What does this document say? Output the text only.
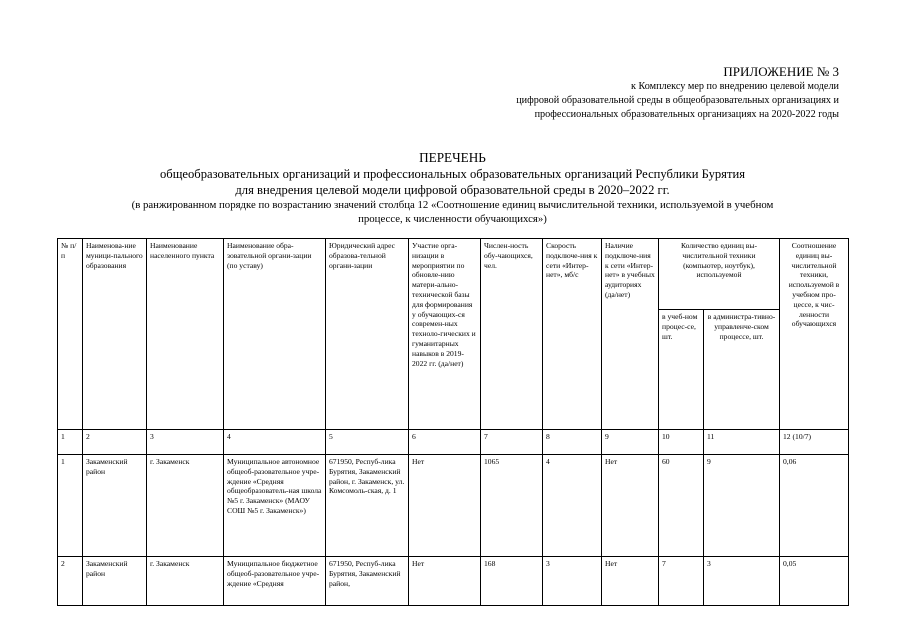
ПРИЛОЖЕНИЕ № 3
к Комплексу мер по внедрению целевой модели
цифровой образовательной среды в общеобразовательных организациях и
профессиональных образовательных организациях на 2020-2022 годы
ПЕРЕЧЕНЬ
общеобразовательных организаций и профессиональных образовательных организаций Республики Бурятия
для внедрения целевой модели цифровой образовательной среды в 2020–2022 гг.
(в ранжированном порядке по возрастанию значений столбца 12 «Соотношение единиц вычислительной техники, используемой в учебном
процессе, к численности обучающихся»)
№ п/п	Наименова-ние муници-пального образования	Наименование населенного пункта	Наименование обра-зовательной органи-зации (по уставу)	Юридический адрес образова-тельной органи-зации	Участие орга-низации в мероприятии по обновле-нию матери-ально-технической базы для формирования у обучающих-ся современ-ных техноло-гических и гуманитарных навыков в 2019-2022 гг. (да/нет)	Числен-ность обу-чающихся, чел.	Скорость подключе-ния к сети «Интер-нет», мб/с	Наличие подключе-ния к сети «Интер-нет» в учебных аудиториях (да/нет)	Количество единиц вы-числительной техники (компьютер, ноутбук), используемой		Соотношение единиц вы-числительной техники, используемой в учебном про-цессе, к чис-ленности обучающихся
									в учеб-ном процес-се, шт.	в администра-тивно-управленче-ском процессе, шт.	
1	2	3	4	5	6	7	8	9	10	11	12 (10/7)
1	Закаменский район	г. Закаменск	Муниципальное автономное общеоб-разовательное учре-ждение «Средняя общеобразователь-ная школа №5 г. Закаменск» (МАОУ СОШ №5 г. Закаменск»)	671950, Респуб-лика Бурятия, Закаменский район, г. Закаменск, ул. Комсомоль-ская, д. 1	Нет	1065	4	Нет	60	9	0,06
2	Закаменский район	г. Закаменск	Муниципальное бюджетное общеоб-разовательное учре-ждение «Средняя	671950, Респуб-лика Бурятия, Закаменский район,	Нет	168	3	Нет	7	3	0,05
